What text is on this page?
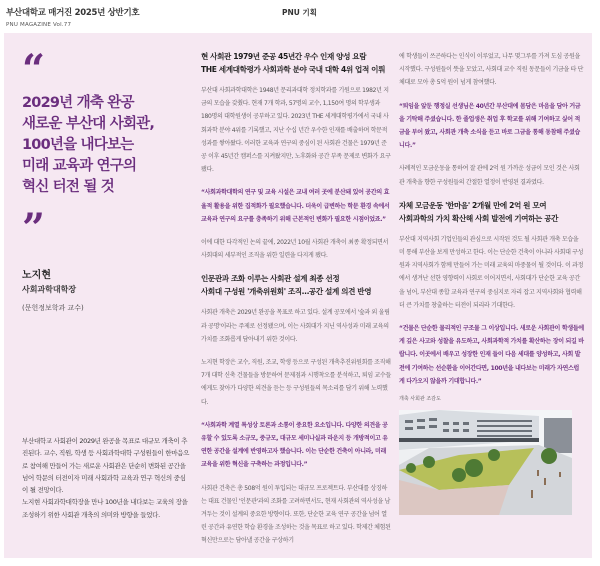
부산대학교 매거진 2025년 상반기호
PNU MAGAZINE Vol.77
PNU 기획
“
2029년 개축 완공
새로운 부산대 사회관,
100년을 내다보는
미래 교육과 연구의
혁신 터전 될 것
”
노지현
사회과학대학장
(문헌정보학과 교수)

부산대학교 사회관이 2029년 완공을 목표로 대규모 개축이 추진된다. 교수, 직원, 학생 등 사회과학대학 구성원들이 한마음으로 참여해 만들어 가는 새로운 사회관은 단순히 변화된 공간을 넘어 학문의 터전이자 미래 사회과학 교육과 연구 혁신의 중심이 될 전망이다.

노지현 사회과학대학장을 만나 100년을 내다보는 교육의 장을 조성하기 위한 사회관 개축의 의미와 방향을 들었다.

현 사회관 1979년 준공 45년간 우수 인재 양성 요람
THE 세계대학평가 사회과학 분야 국내 대학 4위 업적 이뤄

부산대 사회과학대학은 1948년 문리과대학 정치학과를 기원으로 1982년 지금의 모습을 갖췄다. 현재 7개 학과, 57명의 교수, 1,150여 명의 학부생과 180명의 대학원생이 공부하고 있다. 2023년 THE 세계대학평가에서 국내 사회과학 분야 4위를 기록했고, 지난 수십 년간 우수한 인재를 배출하며 학문적 성과를 쌓아왔다. 이러한 교육과 연구의 중심이 된 사회관 건물은 1979년 준공 이후 45년간 캠퍼스를 지켜왔지만, 노후화와 공간 부족 문제로 변화가 요구됐다.

“사회과학대학의 연구 및 교육 시설은 교내 여러 곳에 분산돼 있어 공간의 효율적 활용을 위한 집적화가 필요했습니다. 더욱이 급변하는 학문 환경 속에서 교육과 연구의 요구를 충족하기 위해 근본적인 변화가 필요한 시점이었죠.”

이에 대한 다각적인 논의 끝에, 2022년 10월 사회관 개축이 최종 확정되면서 사회대의 세부적인 조직을 위한 일련을 다지게 됐다.

인문관과 조화 이루는 사회관 설계 최종 선정
사회대 구성원 '개축위원회' 조직…공간 설계 의견 반영

사회관 개축은 2029년 완공을 목표로 하고 있다. 설계 공모에서 '숲과 외 울림과 공명'이라는 주제로 선정됐으며, 이는 사회대가 지닌 역사성과 미래 교육의 가치를 조화롭게 담아내기 위한 것이다.

노지현 학장은 교수, 직원, 조교, 학생 등으로 구성된 개축추진위원회를 조직해 7개 대학 신축 건물들을 방문하여 문제점과 시행착오를 분석하고, 퇴임 교수들에게도 찾아가 다양한 의견을 듣는 등 구성원들의 목소리를 담기 위해 노력했다.

“사회과학 계열 특성상 토론과 소통이 중요한 요소입니다. 다양한 의견을 공유할 수 있도록 소규모, 중규모, 대규모 세미나실과 라운지 등 개방적이고 유연한 공간을 설계에 반영하고자 했습니다. 이는 단순한 건축이 아니라, 미래 교육을 위한 혁신을 구축하는 과정입니다.”

사회관 건축은 총 508억 원이 투입되는 대규모 프로젝트다. 부산대를 상징하는 대표 건물인 '인문관'과의 조화를 고려하면서도, 현재 사회관의 역사성을 남겨두는 것이 설계의 중요한 방향이다. 또한, 단순한 교육 연구 공간을 넘어 열린 공간과 유연한 학습 환경을 조성하는 것을 목표로 하고 있다. 학제간 체험된 혁신만으로는 담아낼 공간을 구상하기

에 학생들이 쓰곤하다는 인식이 이루었고, 나무 몇그루를 가져 도심 공원을 시작했다. 구성원들이 뜻을 모았고, 사회대 교수 직원 동문들이 기금을 타 단체대로 모아 총 5억 원이 넘게 참여했다.

“퇴임을 앞둔 행정실 선생님은 40년간 부산대에 몸담은 마음을 담아 거금을 기탁해 주셨습니다. 한 졸업생은 취업 후 학교를 위해 기여하고 싶어 적금을 부어 왔고, 사회관 개축 소식을 듣고 바로 그금을 통해 동참해 주셨습니다.”

사례적인 모금운동을 통하여 잘 관에 2억 원 가까운 성금이 모인 것은 사회관 개축을 향한 구성원들의 간절한 열정이 반영된 결과였다.

자체 모금운동 '한마음' 2개월 만에 2억 원 모여
사회과학의 가치 확산해 사회 발전에 기여하는 공간

부산대 지역사회 기업인들의 관심으로 시작된 것도 될 사회관 개축 모습을 미 통해 부산을 보게 만성하고 한다. 이는 단순한 건축이 아니라 사회대 구성원과 지역사회가 함께 만들어 가는 미래 교육의 마중물이 될 것이다. 이 과정에서 생겨난 선한 영향력이 사회로 이어지면서, 사회대가 단순한 교육 공간을 넘어, 부산대 종합 교육과 연구의 중심지로 자리 잡고 지역사회와 협력해 더 큰 가치를 창출하는 터전이 되리라 기대한다.

“건물은 단순한 물리적인 구조물 그 이상입니다. 새로운 사회관이 학생들에게 깊은 사고와 성찰을 유도하고, 사회과학적 가치를 확산하는 장이 되길 바랍니다. 이곳에서 배우고 성장한 인재 들이 다음 세대를 양성하고, 사회 발전에 기여하는 선순환을 이어간다면, 100년을 내다보는 미래가 자연스럽게 다가오지 않을까 기대합니다.”

개축 사회관 조감도
